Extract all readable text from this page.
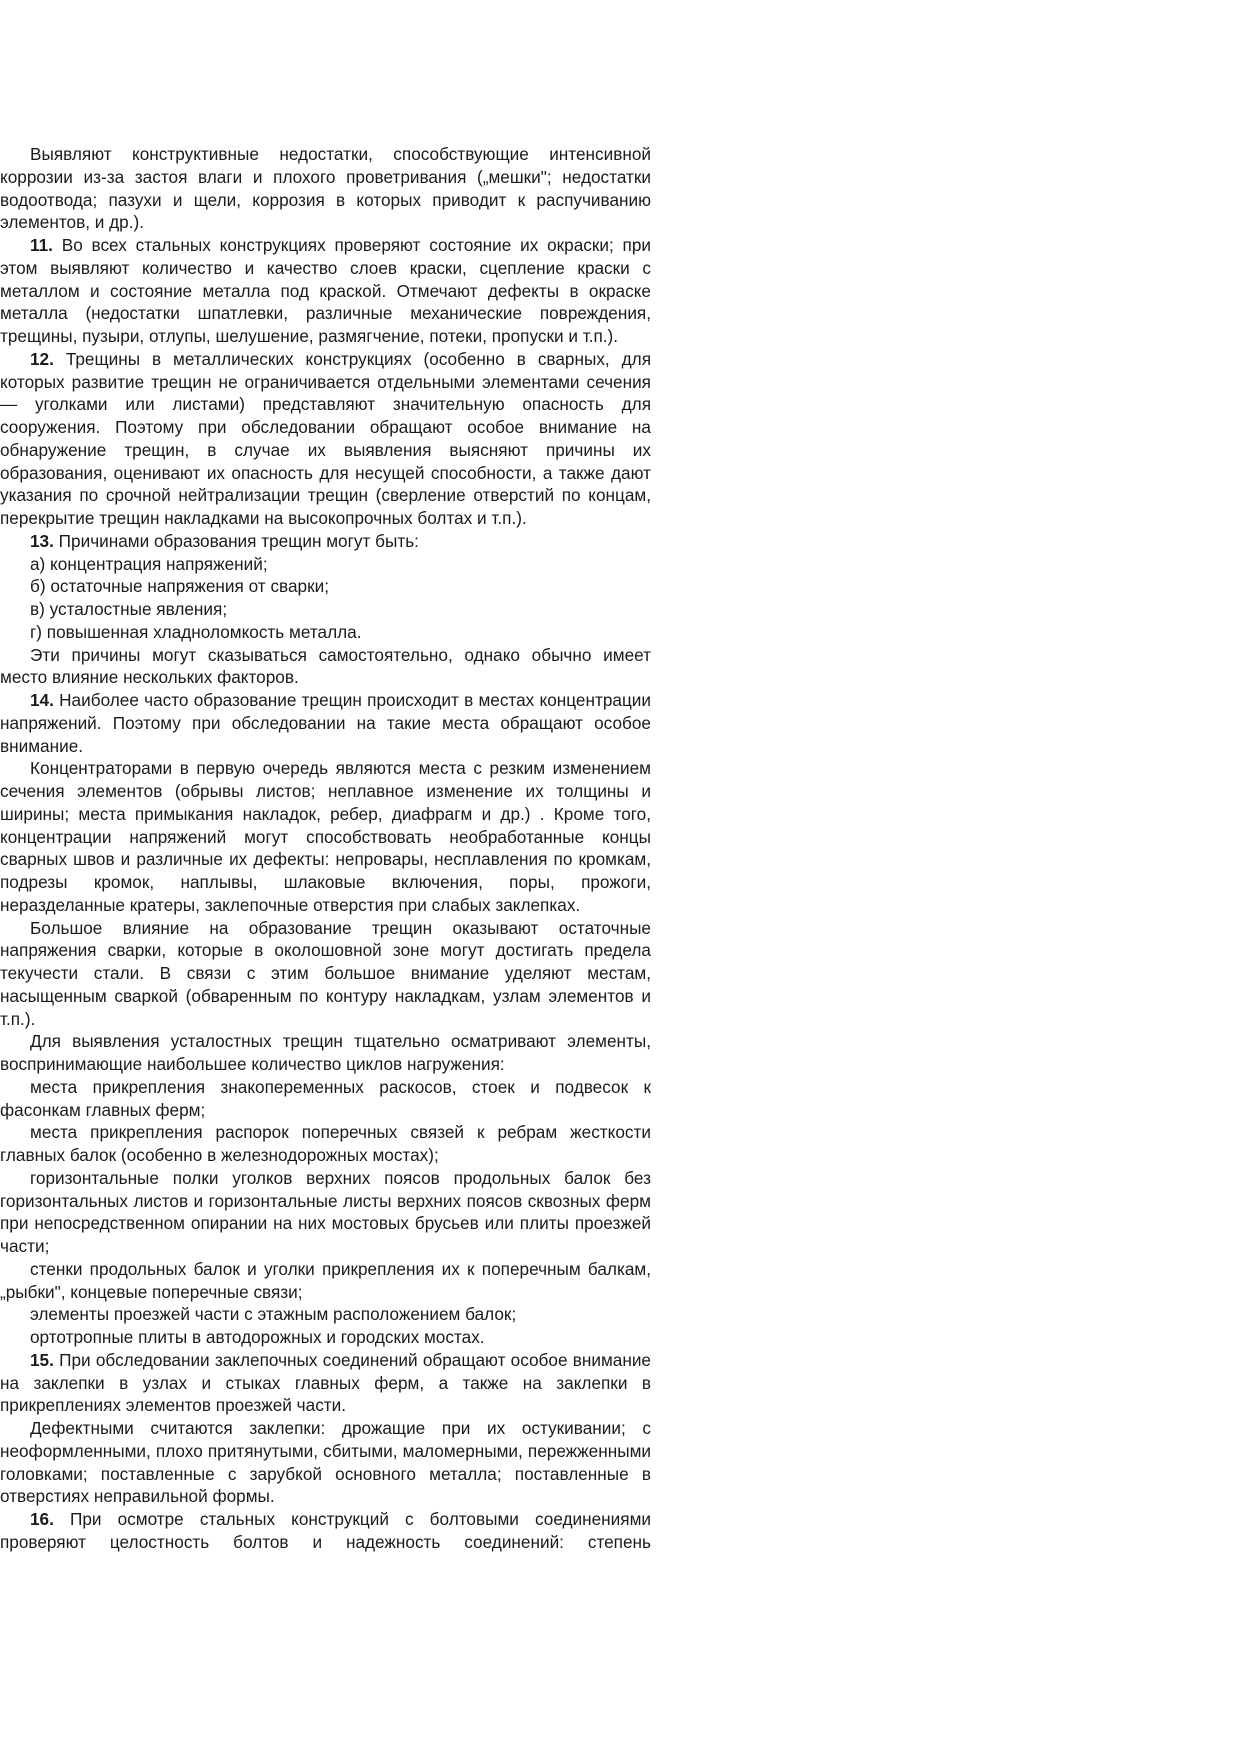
Выявляют конструктивные недостатки, способствующие интенсивной коррозии из-за застоя влаги и плохого проветривания („мешки"; недостатки водоотвода; пазухи и щели, коррозия в которых приводит к распучиванию элементов, и др.).

11. Во всех стальных конструкциях проверяют состояние их окраски; при этом выявляют количество и качество слоев краски, сцепление краски с металлом и состояние металла под краской. Отмечают дефекты в окраске металла (недостатки шпатлевки, различные механические повреждения, трещины, пузыри, отлупы, шелушение, размягчение, потеки, пропуски и т.п.).

12. Трещины в металлических конструкциях (особенно в сварных, для которых развитие трещин не ограничивается отдельными элементами сечения — уголками или листами) представляют значительную опасность для сооружения. Поэтому при обследовании обращают особое внимание на обнаружение трещин, в случае их выявления выясняют причины их образования, оценивают их опасность для несущей способности, а также дают указания по срочной нейтрализации трещин (сверление отверстий по концам, перекрытие трещин накладками на высокопрочных болтах и т.п.).

13. Причинами образования трещин могут быть:

а) концентрация напряжений;

б) остаточные напряжения от сварки;

в) усталостные явления;

г) повышенная хладноломкость металла.

Эти причины могут сказываться самостоятельно, однако обычно имеет место влияние нескольких факторов.

14. Наиболее часто образование трещин происходит в местах концентрации напряжений. Поэтому при обследовании на такие места обращают особое внимание.

Концентраторами в первую очередь являются места с резким изменением сечения элементов (обрывы листов; неплавное изменение их толщины и ширины; места примыкания накладок, ребер, диафрагм и др.) . Кроме того, концентрации напряжений могут способствовать необработанные концы сварных швов и различные их дефекты: непровары, несплавления по кромкам, подрезы кромок, наплывы, шлаковые включения, поры, прожоги, неразделанные кратеры, заклепочные отверстия при слабых заклепках.

Большое влияние на образование трещин оказывают остаточные напряжения сварки, которые в околошовной зоне могут достигать предела текучести стали. В связи с этим большое внимание уделяют местам, насыщенным сваркой (обваренным по контуру накладкам, узлам элементов и т.п.).

Для выявления усталостных трещин тщательно осматривают элементы, воспринимающие наибольшее количество циклов нагружения:

места прикрепления знакопеременных раскосов, стоек и подвесок к фасонкам главных ферм;

места прикрепления распорок поперечных связей к ребрам жесткости главных балок (особенно в железнодорожных мостах);

горизонтальные полки уголков верхних поясов продольных балок без горизонтальных листов и горизонтальные листы верхних поясов сквозных ферм при непосредственном опирании на них мостовых брусьев или плиты проезжей части;

стенки продольных балок и уголки прикрепления их к поперечным балкам, „рыбки", концевые поперечные связи;

элементы проезжей части с этажным расположением балок;

ортотропные плиты в автодорожных и городских мостах.

15. При обследовании заклепочных соединений обращают особое внимание на заклепки в узлах и стыках главных ферм, а также на заклепки в прикреплениях элементов проезжей части.

Дефектными считаются заклепки: дрожащие при их остукивании; с неоформленными, плохо притянутыми, сбитыми, маломерными, пережженными головками; поставленные с зарубкой основного металла; поставленные в отверстиях неправильной формы.

16. При осмотре стальных конструкций с болтовыми соединениями проверяют целостность болтов и надежность соединений: степень
